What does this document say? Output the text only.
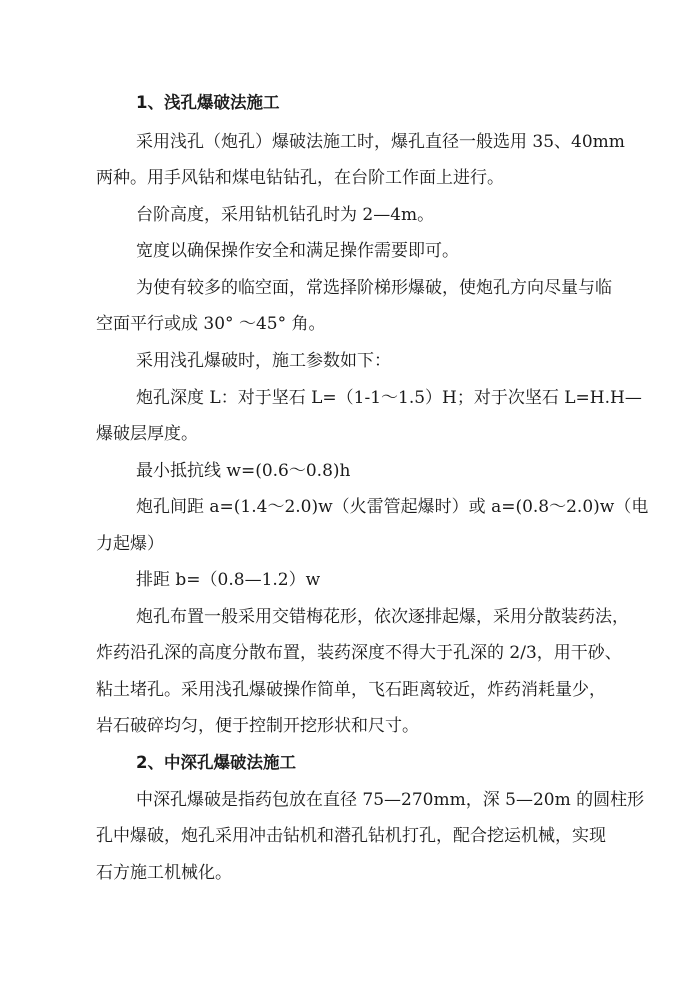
1、浅孔爆破法施工
采用浅孔（炮孔）爆破法施工时，爆孔直径一般选用 35、40mm
两种。用手风钻和煤电钻钻孔，在台阶工作面上进行。
台阶高度，采用钻机钻孔时为 2—4m。
宽度以确保操作安全和满足操作需要即可。
为使有较多的临空面，常选择阶梯形爆破，使炮孔方向尽量与临
空面平行或成 30° ～45° 角。
采用浅孔爆破时，施工参数如下：
炮孔深度 L：对于坚石 L=（1-1～1.5）H；对于次坚石 L=H.H—
爆破层厚度。
最小抵抗线 w=(0.6～0.8)h
炮孔间距 a=(1.4～2.0)w（火雷管起爆时）或 a=(0.8～2.0)w（电
力起爆）
排距 b=（0.8—1.2）w
炮孔布置一般采用交错梅花形，依次逐排起爆，采用分散装药法，
炸药沿孔深的高度分散布置，装药深度不得大于孔深的 2/3，用干砂、
粘土堵孔。采用浅孔爆破操作简单，飞石距离较近，炸药消耗量少，
岩石破碎均匀，便于控制开挖形状和尺寸。
2、中深孔爆破法施工
中深孔爆破是指药包放在直径 75—270mm，深 5—20m 的圆柱形
孔中爆破，炮孔采用冲击钻机和潜孔钻机打孔，配合挖运机械，实现
石方施工机械化。
